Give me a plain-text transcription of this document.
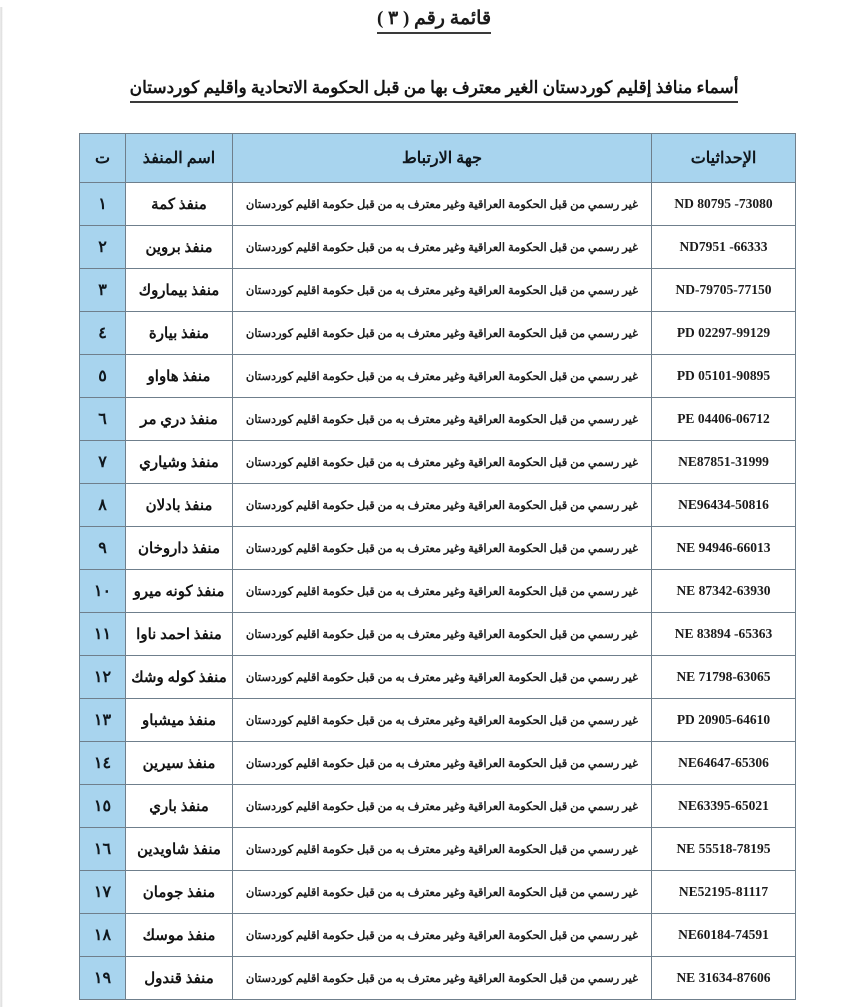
قائمة رقم ( ٣ )
أسماء منافذ إقليم كوردستان الغير معترف بها من قبل الحكومة الاتحادية واقليم كوردستان
الإحداثيات	جهة الارتباط	اسم المنفذ	ت
ND 80795 -73080	غير رسمي من قبل الحكومة العراقية وغير معترف به من قبل حكومة اقليم كوردستان	منفذ كمة	١
ND7951 -66333	غير رسمي من قبل الحكومة العراقية وغير معترف به من قبل حكومة اقليم كوردستان	منفذ بروين	٢
ND-79705-77150	غير رسمي من قبل الحكومة العراقية وغير معترف به من قبل حكومة اقليم كوردستان	منفذ بيماروك	٣
PD 02297-99129	غير رسمي من قبل الحكومة العراقية وغير معترف به من قبل حكومة اقليم كوردستان	منفذ بيارة	٤
PD 05101-90895	غير رسمي من قبل الحكومة العراقية وغير معترف به من قبل حكومة اقليم كوردستان	منفذ هاواو	٥
PE 04406-06712	غير رسمي من قبل الحكومة العراقية وغير معترف به من قبل حكومة اقليم كوردستان	منفذ دري مر	٦
NE87851-31999	غير رسمي من قبل الحكومة العراقية وغير معترف به من قبل حكومة اقليم كوردستان	منفذ وشياري	٧
NE96434-50816	غير رسمي من قبل الحكومة العراقية وغير معترف به من قبل حكومة اقليم كوردستان	منفذ بادلان	٨
NE 94946-66013	غير رسمي من قبل الحكومة العراقية وغير معترف به من قبل حكومة اقليم كوردستان	منفذ داروخان	٩
NE 87342-63930	غير رسمي من قبل الحكومة العراقية وغير معترف به من قبل حكومة اقليم كوردستان	منفذ كونه ميرو	١٠
NE 83894 -65363	غير رسمي من قبل الحكومة العراقية وغير معترف به من قبل حكومة اقليم كوردستان	منفذ احمد ناوا	١١
NE 71798-63065	غير رسمي من قبل الحكومة العراقية وغير معترف به من قبل حكومة اقليم كوردستان	منفذ كوله وشك	١٢
PD 20905-64610	غير رسمي من قبل الحكومة العراقية وغير معترف به من قبل حكومة اقليم كوردستان	منفذ ميشباو	١٣
NE64647-65306	غير رسمي من قبل الحكومة العراقية وغير معترف به من قبل حكومة اقليم كوردستان	منفذ سيرين	١٤
NE63395-65021	غير رسمي من قبل الحكومة العراقية وغير معترف به من قبل حكومة اقليم كوردستان	منفذ باري	١٥
NE 55518-78195	غير رسمي من قبل الحكومة العراقية وغير معترف به من قبل حكومة اقليم كوردستان	منفذ شاويدين	١٦
NE52195-81117	غير رسمي من قبل الحكومة العراقية وغير معترف به من قبل حكومة اقليم كوردستان	منفذ جومان	١٧
NE60184-74591	غير رسمي من قبل الحكومة العراقية وغير معترف به من قبل حكومة اقليم كوردستان	منفذ موسك	١٨
NE 31634-87606	غير رسمي من قبل الحكومة العراقية وغير معترف به من قبل حكومة اقليم كوردستان	منفذ قندول	١٩
